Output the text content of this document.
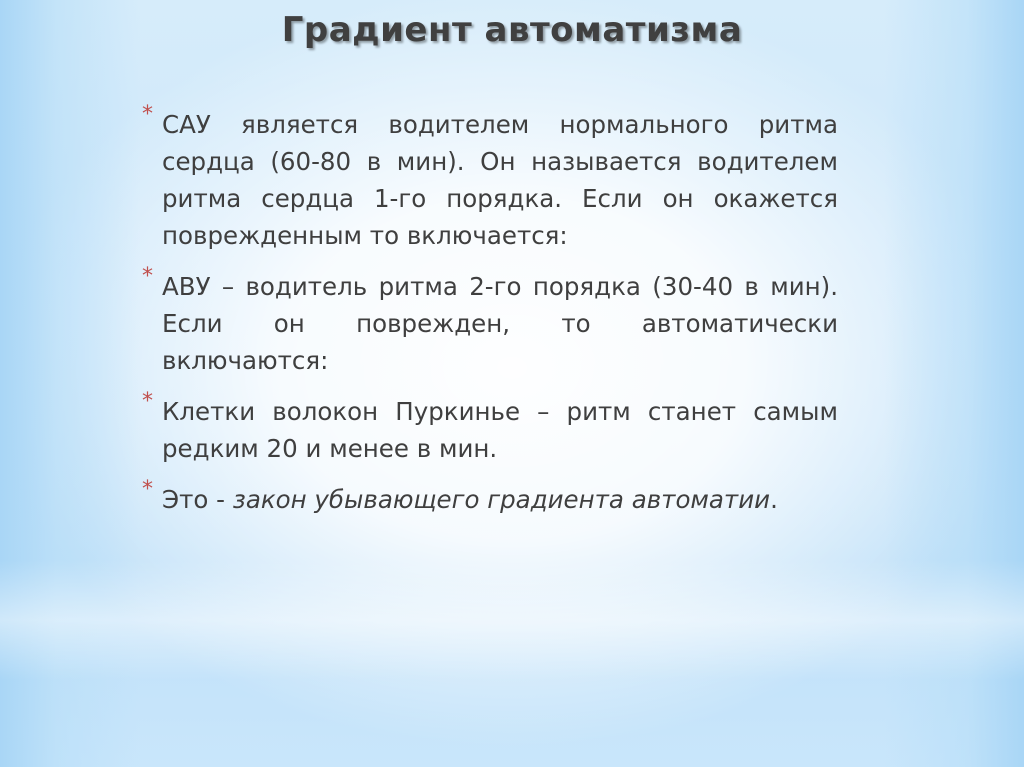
Градиент автоматизма
* САУ является водителем нормального ритма сердца (60-80 в мин). Он называется водителем ритма сердца 1-го порядка. Если он окажется поврежденным то включается:
* АВУ – водитель ритма 2-го порядка (30-40 в мин). Если он поврежден, то автоматически включаются:
* Клетки волокон Пуркинье – ритм станет самым редким 20 и менее в мин.
* Это - закон убывающего градиента автоматии.
